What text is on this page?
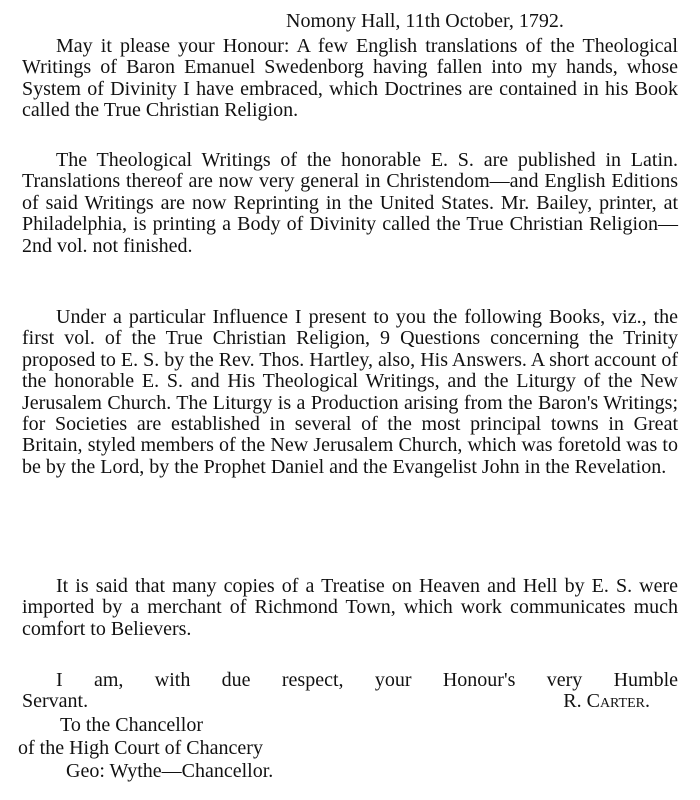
Nomony Hall, 11th October, 1792.

May it please your Honour: A few English translations of the Theological Writings of Baron Emanuel Swedenborg having fallen into my hands, whose System of Divinity I have embraced, which Doctrines are contained in his Book called the True Christian Religion.

The Theological Writings of the honorable E. S. are published in Latin. Translations thereof are now very general in Christendom—and English Editions of said Writings are now Reprinting in the United States. Mr. Bailey, printer, at Philadelphia, is printing a Body of Divinity called the True Christian Religion—2nd vol. not finished.

Under a particular Influence I present to you the following Books, viz., the first vol. of the True Christian Religion, 9 Questions concerning the Trinity proposed to E. S. by the Rev. Thos. Hartley, also, His Answers. A short account of the honorable E. S. and His Theological Writings, and the Liturgy of the New Jerusalem Church. The Liturgy is a Production arising from the Baron's Writings; for Societies are established in several of the most principal towns in Great Britain, styled members of the New Jerusalem Church, which was foretold was to be by the Lord, by the Prophet Daniel and the Evangelist John in the Revelation.

It is said that many copies of a Treatise on Heaven and Hell by E. S. were imported by a merchant of Richmond Town, which work communicates much comfort to Believers.

I am, with due respect, your Honour's very Humble
Servant.	R. Carter.
To the Chancellor
of the High Court of Chancery
Geo: Wythe—Chancellor.
